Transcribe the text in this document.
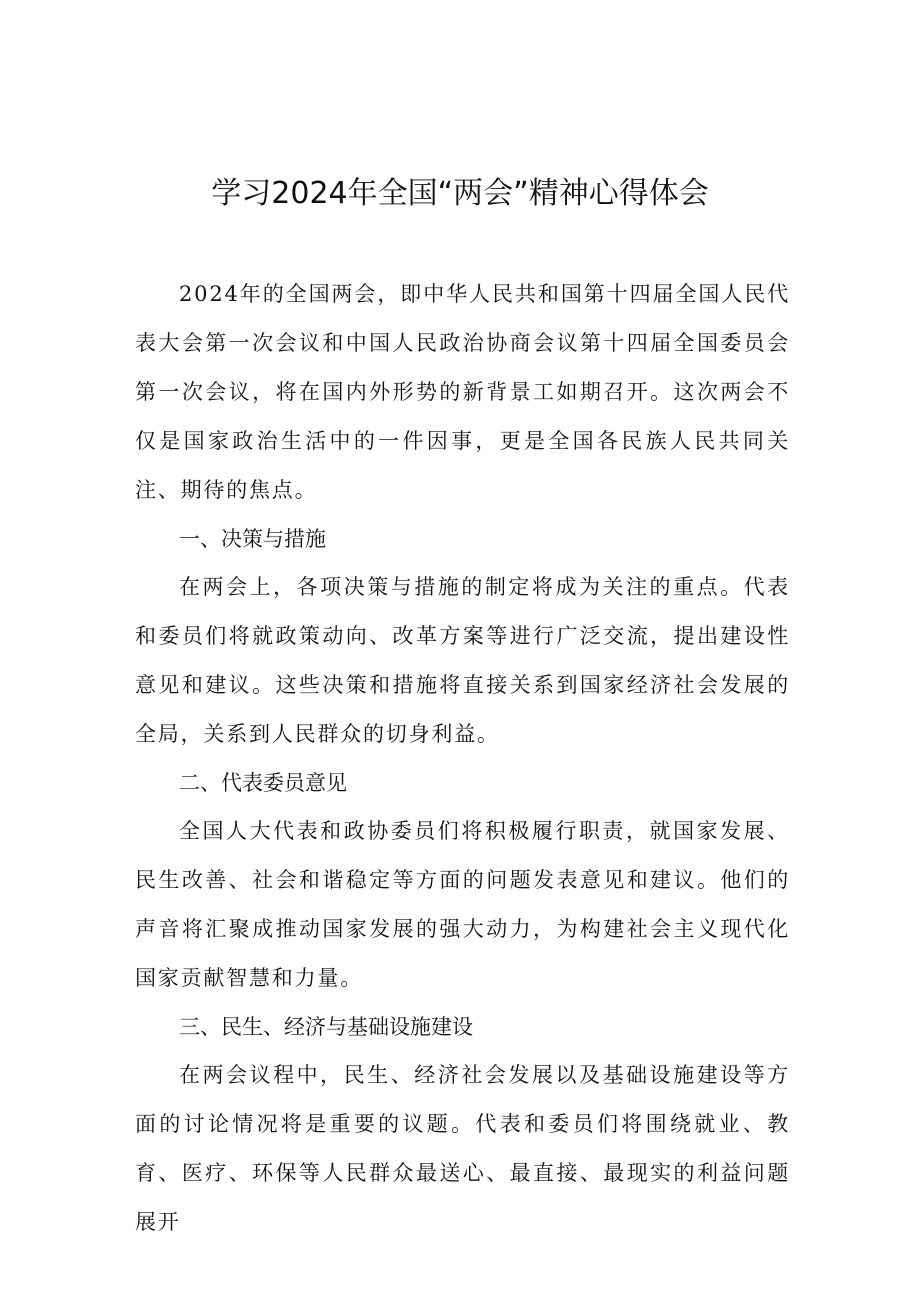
学习2024年全国“两会”精神心得体会

2024年的全国两会，即中华人民共和国第十四届全国人民代表大会第一次会议和中国人民政治协商会议第十四届全国委员会第一次会议，将在国内外形势的新背景工如期召开。这次两会不仅是国家政治生活中的一件因事，更是全国各民族人民共同关注、期待的焦点。

一、决策与措施

在两会上，各项决策与措施的制定将成为关注的重点。代表和委员们将就政策动向、改革方案等进行广泛交流，提出建设性意见和建议。这些决策和措施将直接关系到国家经济社会发展的全局，关系到人民群众的切身利益。

二、代表委员意见

全国人大代表和政协委员们将积极履行职责，就国家发展、民生改善、社会和谐稳定等方面的问题发表意见和建议。他们的声音将汇聚成推动国家发展的强大动力，为构建社会主义现代化国家贡献智慧和力量。

三、民生、经济与基础设施建设

在两会议程中，民生、经济社会发展以及基础设施建设等方面的讨论情况将是重要的议题。代表和委员们将围绕就业、教育、医疗、环保等人民群众最送心、最直接、最现实的利益问题展开
